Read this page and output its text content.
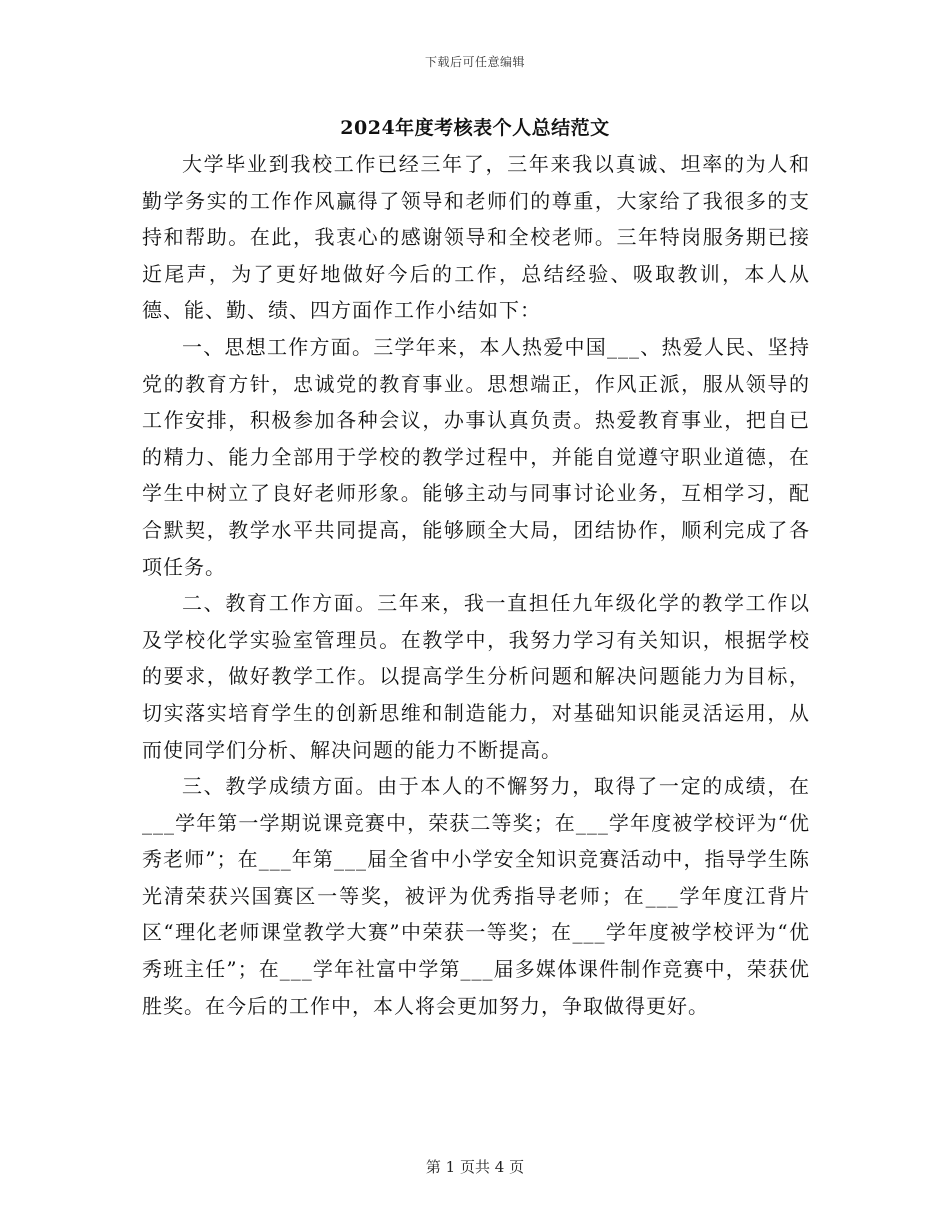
下载后可任意编辑
2024年度考核表个人总结范文

大学毕业到我校工作已经三年了，三年来我以真诚、坦率的为人和勤学务实的工作作风赢得了领导和老师们的尊重，大家给了我很多的支持和帮助。在此，我衷心的感谢领导和全校老师。三年特岗服务期已接近尾声，为了更好地做好今后的工作，总结经验、吸取教训，本人从德、能、勤、绩、四方面作工作小结如下：

一、思想工作方面。三学年来，本人热爱中国___、热爱人民、坚持党的教育方针，忠诚党的教育事业。思想端正，作风正派，服从领导的工作安排，积极参加各种会议，办事认真负责。热爱教育事业，把自已的精力、能力全部用于学校的教学过程中，并能自觉遵守职业道德，在学生中树立了良好老师形象。能够主动与同事讨论业务，互相学习，配合默契，教学水平共同提高，能够顾全大局，团结协作，顺利完成了各项任务。

二、教育工作方面。三年来，我一直担任九年级化学的教学工作以及学校化学实验室管理员。在教学中，我努力学习有关知识，根据学校的要求，做好教学工作。以提高学生分析问题和解决问题能力为目标，切实落实培育学生的创新思维和制造能力，对基础知识能灵活运用，从而使同学们分析、解决问题的能力不断提高。

三、教学成绩方面。由于本人的不懈努力，取得了一定的成绩，在___学年第一学期说课竞赛中，荣获二等奖；在___学年度被学校评为“优秀老师”；在___年第___届全省中小学安全知识竞赛活动中，指导学生陈光清荣获兴国赛区一等奖，被评为优秀指导老师；在___学年度江背片区“理化老师课堂教学大赛”中荣获一等奖；在___学年度被学校评为“优秀班主任”；在___学年社富中学第___届多媒体课件制作竞赛中，荣获优胜奖。在今后的工作中，本人将会更加努力，争取做得更好。

第 1 页共 4 页
